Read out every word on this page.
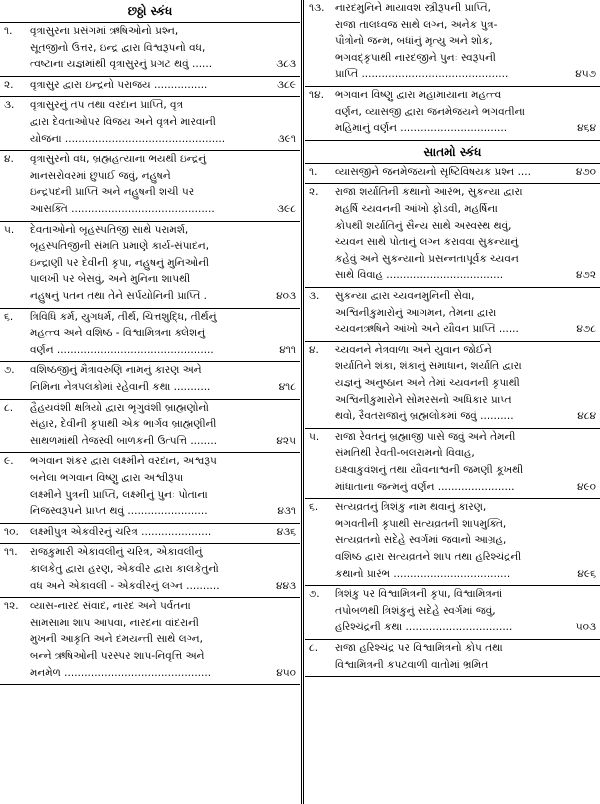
છઠ્ઠો સ્કંધ
૧.	વૃત્રાસુરના પ્રસંગમાં ઋષિઓનો પ્રશ્ન,
સૂતજીનો ઉત્તર, ઇન્દ્ર દ્વારા વિશ્વરૂપનો વધ,
ત્વષ્ટાના યજ્ઞમાંથી વૃત્રાસુરનું પ્રગટ થવું ......	૩૮૩
૨.	વૃત્રાસુર દ્વારા ઇન્દ્રનો પરાજય ................	૩૮૯
૩.	વૃત્રાસુરનું તપ તથા વરદાન પ્રાપ્તિ, વૃત્ર
દ્વારા દેવતાઓપર વિજય અને વૃત્રને મારવાની
યોજના ................................................	૩૯૧
૪.	વૃત્રાસુરનો વધ, બ્રહ્મહત્યાના ભયથી ઇન્દ્રનું
માનસરોવરમાં છુપાઈ જવું, નહુષને
ઇન્દ્રપદની પ્રાપ્તિ અને નહુષની શચી પર
આસક્તિ ...........................................	૩૯૮
૫.	દેવતાઓનો બૃહસ્પતિજી સાથે પરામર્શ,
બૃહસ્પતિજીની સંમતિ પ્રમાણે કાર્ય-સંપાદન,
ઇન્દ્રાણી પર દેવીની કૃપા, નહુષનું મુનિઓની
પાલખી પર બેસવું, અને મુનિના શાપથી
નહુષનું પતન તથા તેને સર્પયોનિની પ્રાપ્તિ .	૪૦૩
૬.	ત્રિવિધિ કર્મ, યુગધર્મ, તીર્થ, ચિત્તશુદ્ધિ, તીર્થનું
મહત્ત્વ અને વશિષ્ઠ - વિશ્વામિત્રના ક્લેશનું
વર્ણન ...............................................	૪૧૧
૭.	વશિષ્ઠજીનું મૈત્રાવરુણિ નામનું કારણ અને
નિમિના નેત્રપલકોમાં રહેવાની કથા ...........	૪૧૮
૮.	હૈહયવંશી ક્ષત્રિયો દ્વારા ભૃગુવંશી બ્રાહ્મણોનો
સંહાર, દેવીની કૃપાથી એક ભાર્ગવ બ્રાહ્મણીની
સાથળમાંથી તેજસ્વી બાળકની ઉત્પત્તિ ........	૪૨૫
૯.	ભગવાન શંકર દ્વારા લક્ષ્મીને વરદાન, અશ્વરૂપ
બનેલા ભગવાન વિષ્ણુ દ્વારા અશ્વીરૂપા
લક્ષ્મીને પુત્રની પ્રાપ્તિ, લક્ષ્મીનું પુનઃ પોતાના
નિજસ્વરૂપને પ્રાપ્ત થવું ........................	૪૩૧
૧૦.	લક્ષ્મીપુત્ર એકવીરનું ચરિત્ર .....................	૪૩૬
૧૧.	રાજકુમારી એકાવલીનું ચરિત્ર, એકાવલીનું
કાલકેતુ દ્વારા હરણ, એકવીર દ્વારા કાલકેતુનો
વધ અને એકાવલી - એકવીરનું લગ્ન ..........	૪૪૩
૧૨.	વ્યાસ-નારદ સંવાદ, નારદ અને પર્વતના
સામસામા શાપ આપવા, નારદના વાંદરાની
મુખની આકૃતિ અને દમયન્તી સાથે લગ્ન,
બન્ને ઋષિઓની પરસ્પર શાપ-નિવૃત્તિ અને
મનમેળ ............................................	૪૫૦
૧૩.	નારદમુનિને માયાવશ સ્ત્રીરૂપની પ્રાપ્તિ,
રાજા તાલધ્વજ સાથે લગ્ન, અનેક પુત્ર-
પૌત્રોનો જન્મ, બધાંનું મૃત્યુ અને શોક,
ભગવદ્કૃપાથી નારદજીને પુનઃ સ્વરૂપની
પ્રાપ્તિ ............................................	૪૫૭
૧૪.	ભગવાન વિષ્ણુ દ્વારા મહામાયાના મહત્ત્વ
વર્ણન, વ્યાસજી દ્વારા જનમેજયને ભગવતીના
મહિમાનું વર્ણન ................................	૪૬૪
સાતમો સ્કંધ
૧.	વ્યાસજીને જનમેજયનો સૃષ્ટિવિષયક પ્રશ્ન ....	૪૭૦
૨.	રાજા શર્યાતિની કથાનો આરંભ, સુકન્યા દ્વારા
મહર્ષિ ચ્યવનની આંખો ફોડવી, મહર્ષિના
કોપથી શર્યાતિનું સૈન્ય સાથે અસ્વસ્થ થવું,
ચ્યવન સાથે પોતાનું લગ્ન કરાવવા સુકન્યાનું
કહેવું અને સુકન્યાનો પ્રસન્નતાપૂર્વક ચ્યવન
સાથે વિવાહ ...................................	૪૭૨
૩.	સુકન્યા દ્વારા ચ્યવનમુનિની સેવા,
અશ્વિનીકુમારોનું આગમન, તેમના દ્વારા
ચ્યવનઋષિને આંખો અને યૌવન પ્રાપ્તિ ......	૪૭૮
૪.	ચ્યવનને નેત્રવાળા અને યુવાન જોઈને
શર્યાતિને શંકા, શંકાનું સમાધાન, શર્યાતિ દ્વારા
યજ્ઞનું અનુષ્ઠાન અને તેમાં ચ્યવનની કૃપાથી
અશ્વિનીકુમારોને સોમરસનો અધિકાર પ્રાપ્ત
થવો, રૈવતરાજાનું બ્રહ્મલોકમાં જવું ..........	૪૮૪
૫.	રાજા રેવતનું બ્રહ્માજી પાસે જવું અને તેમની
સંમતિથી રેવતી-બલરામનો વિવાહ,
ઇક્ષ્વાકુવંશનું તથા યૌવનાશ્વની જમણી કૂખથી
માંધાતાના જન્મનું વર્ણન .......................	૪૯૦
૬.	સત્યવ્રતનું ત્રિશંકુ નામ થવાનું કારણ,
ભગવતીની કૃપાથી સત્યવ્રતની શાપમુક્તિ,
સત્યવ્રતનો સદેહે સ્વર્ગમાં જવાનો આગ્રહ,
વશિષ્ઠ દ્વારા સત્યવ્રતને શાપ તથા હરિશ્ચંદ્રની
કથાનો પ્રારંભ ...................................	૪૯૬
૭.	ત્રિશંકુ પર વિશ્વામિત્રની કૃપા, વિશ્વામિત્રનાં
તપોબળથી ત્રિશંકુનું સદેહે સ્વર્ગમાં જવું,
હરિશ્ચંદ્રની કથા ................................	૫૦૩
૮.	રાજા હરિશ્ચંદ્ર પર વિશ્વામિત્રનો કોપ તથા
વિશ્વામિત્રની કપટવાળી વાતોમાં ભ્રમિત
